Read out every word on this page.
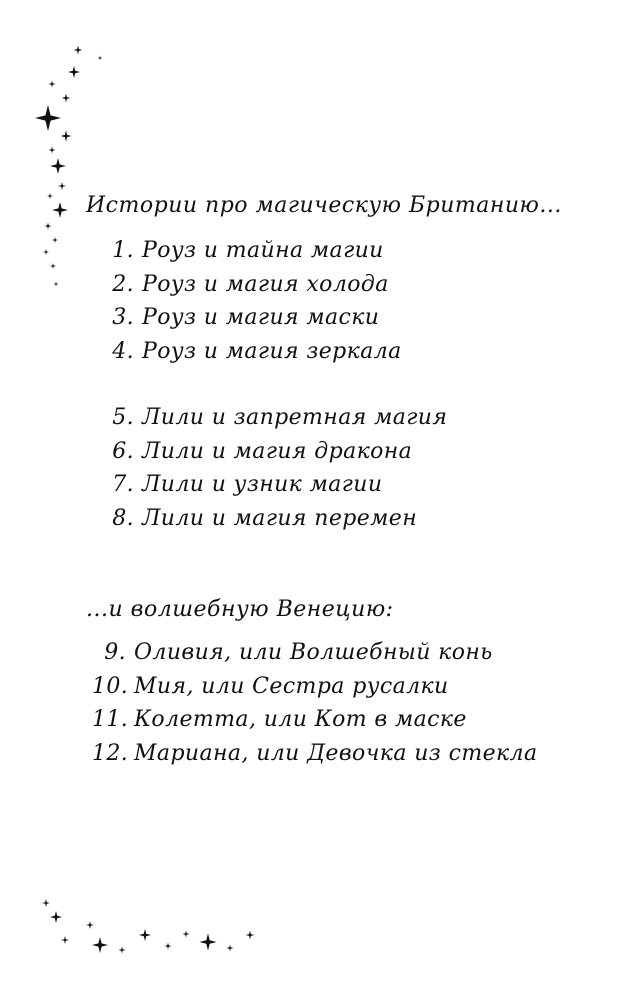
Истории про магическую Британию...
1. Роуз и тайна магии
2. Роуз и магия холода
3. Роуз и магия маски
4. Роуз и магия зеркала
5. Лили и запретная магия
6. Лили и магия дракона
7. Лили и узник магии
8. Лили и магия перемен
...и волшебную Венецию:
9. Оливия, или Волшебный конь
10. Мия, или Сестра русалки
11. Колетта, или Кот в маске
12. Мариана, или Девочка из стекла
